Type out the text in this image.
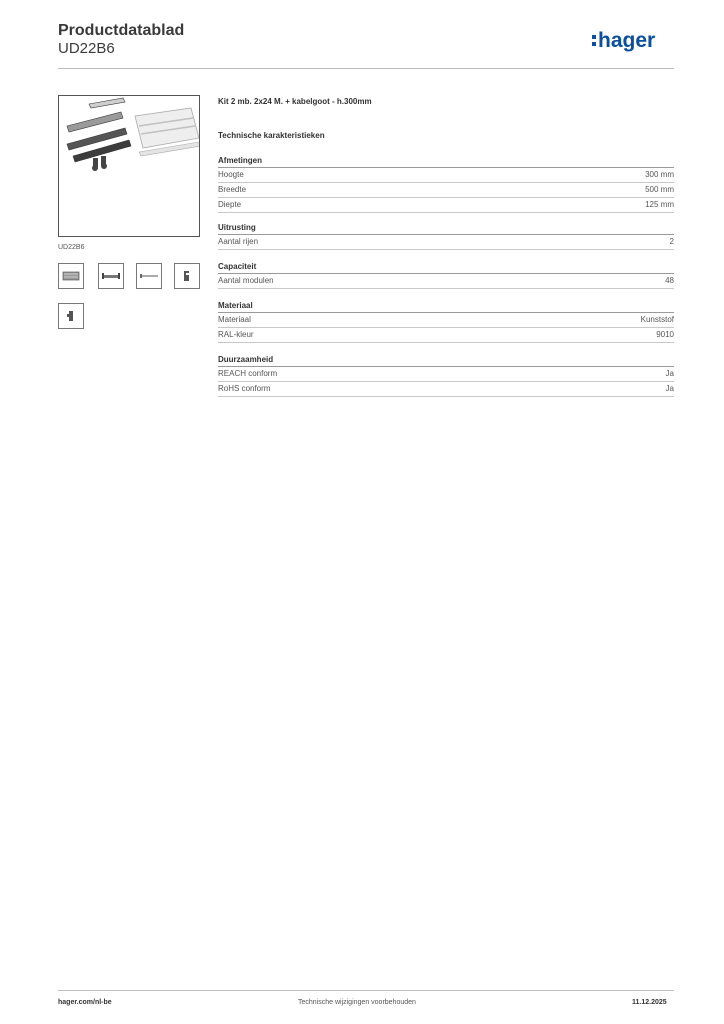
Productdatablad
UD22B6	hager
UD22B6
Kit 2 mb. 2x24 M. + kabelgoot - h.300mm
Technische karakteristieken
Afmetingen
Hoogte	300 mm
Breedte	500 mm
Diepte	125 mm
Uitrusting
Aantal rijen	2
Capaciteit
Aantal modulen	48
Materiaal
Materiaal	Kunststof
RAL-kleur	9010
Duurzaamheid
REACH conform	Ja
RoHS conform	Ja
hager.com/nl-be	Technische wijzigingen voorbehouden	11.12.2025
